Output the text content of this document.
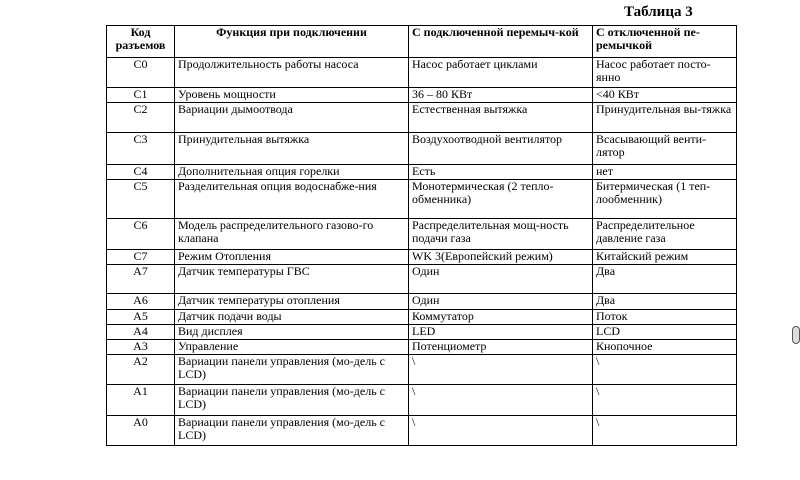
Таблица 3
Код разъемов	Функция при подключении	С подключенной перемыч-кой	С отключенной пе-ремычкой
C0	Продолжительность работы насоса	Насос работает циклами	Насос работает посто-янно
C1	Уровень мощности	36 – 80 КВт	<40 КВт
C2	Вариации дымоотвода	Естественная вытяжка	Принудительная вы-тяжка
C3	Принудительная вытяжка	Воздухоотводной вентилятор	Всасывающий венти-лятор
C4	Дополнительная опция горелки	Есть	нет
C5	Разделительная опция водоснабже-ния	Монотермическая (2 тепло-обменника)	Битермическая (1 теп-лообменник)
C6	Модель распределительного газово-го клапана	Распределительная мощ-ность подачи газа	Распределительное давление газа
C7	Режим Отопления	WK 3(Европейский режим)	Китайский режим
A7	Датчик температуры ГВС	Один	Два
A6	Датчик температуры отопления	Один	Два
A5	Датчик подачи воды	Коммутатор	Поток
A4	Вид дисплея	LED	LCD
A3	Управление	Потенциометр	Кнопочное
A2	Вариации панели управления (мо-дель с LCD)	\	\
A1	Вариации панели управления (мо-дель с LCD)	\	\
A0	Вариации панели управления (мо-дель с LCD)	\	\
